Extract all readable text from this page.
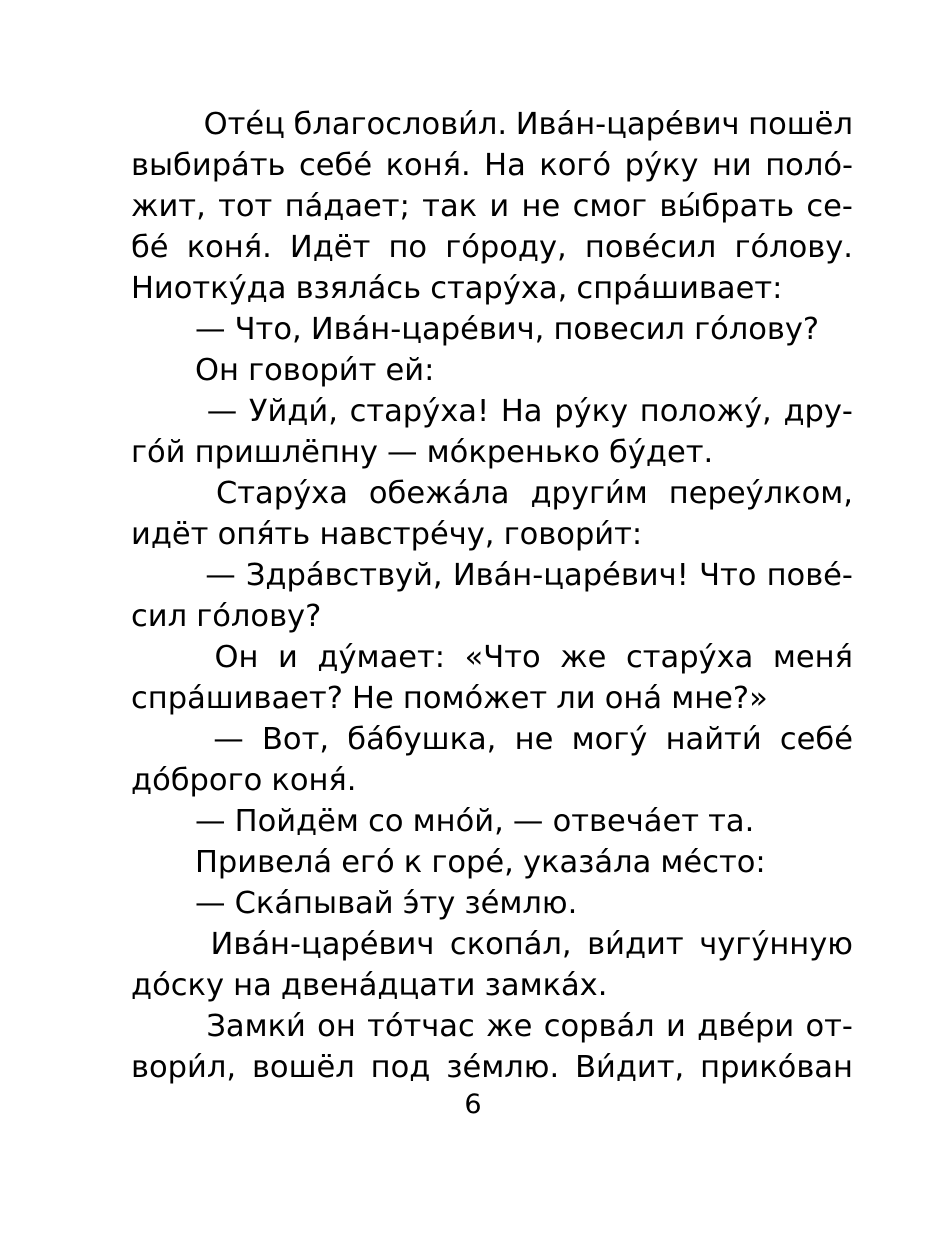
Отéц благослови́л. Ива́н-царе́вич пошёл
выбира́ть себе́ коня́. На кого́ ру́ку ни поло́-
жит, тот па́дает; так и не смог вы́брать се-
бе́ коня́. Идёт по го́роду, пове́сил го́лову.
Ниотку́да взяла́сь стару́ха, спра́шивает:
— Что, Ива́н-царе́вич, повесил го́лову?
Он говори́т ей:
— Уйди́, стару́ха! На ру́ку положу́, дру-
го́й пришлёпну — мо́кренько бу́дет.
Стару́ха обежа́ла други́м переу́лком,
идёт опя́ть навстре́чу, говори́т:
— Здра́вствуй, Ива́н-царе́вич! Что пове́-
сил го́лову?
Он и ду́мает: «Что же стару́ха меня́
спра́шивает? Не помо́жет ли она́ мне?»
— Вот, ба́бушка, не могу́ найти́ себе́
до́брого коня́.
— Пойдём со мно́й, — отвеча́ет та.
Привела́ его́ к горе́, указа́ла ме́сто:
— Ска́пывай э́ту зе́млю.
Ива́н-царе́вич скопа́л, ви́дит чугу́нную
до́ску на двена́дцати замка́х.
Замки́ он то́тчас же сорва́л и две́ри от-
вори́л, вошёл под зе́млю. Ви́дит, прико́ван
6
